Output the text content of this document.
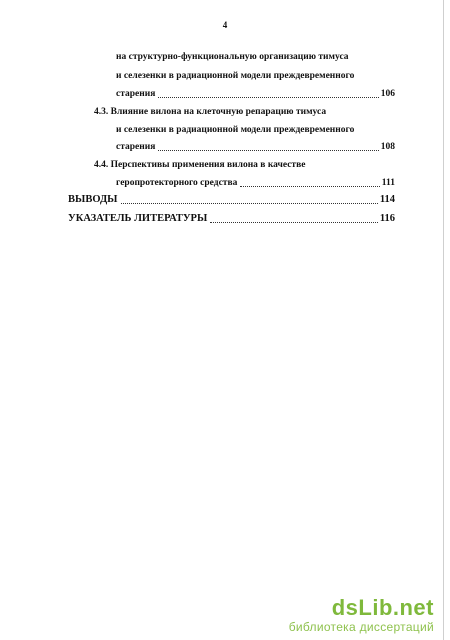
4
на структурно-функциональную организацию тимуса
и селезенки в радиационной модели преждевременного
старения	106
4.3. Влияние вилона на клеточную репарацию тимуса
и селезенки в радиационной модели преждевременного
старения	108
4.4. Перспективы применения вилона в качестве
геропротекторного средства	111
ВЫВОДЫ	114
УКАЗАТЕЛЬ ЛИТЕРАТУРЫ	116
dsLib.net
библиотека диссертаций
